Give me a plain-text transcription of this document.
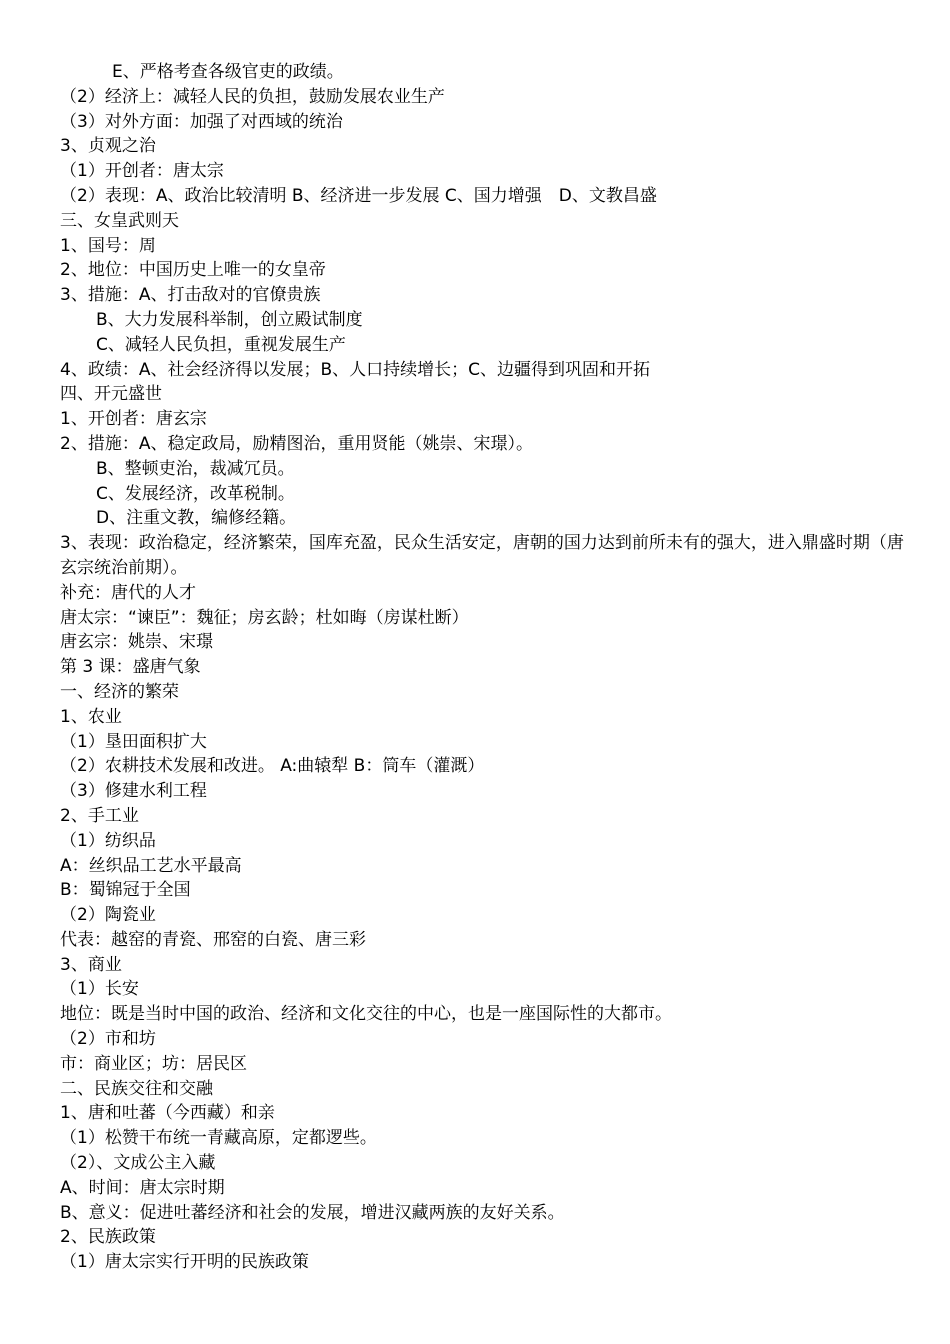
E、严格考查各级官吏的政绩。
（2）经济上：减轻人民的负担，鼓励发展农业生产
（3）对外方面：加强了对西域的统治
3、贞观之治
（1）开创者：唐太宗
（2）表现：A、政治比较清明 B、经济进一步发展 C、国力增强　D、文教昌盛
三、女皇武则天
1、国号：周
2、地位：中国历史上唯一的女皇帝
3、措施：A、打击敌对的官僚贵族
B、大力发展科举制，创立殿试制度
C、减轻人民负担，重视发展生产
4、政绩：A、社会经济得以发展；B、人口持续增长；C、边疆得到巩固和开拓
四、开元盛世
1、开创者：唐玄宗
2、措施：A、稳定政局，励精图治，重用贤能（姚崇、宋璟）。
B、整顿吏治，裁减冗员。
C、发展经济，改革税制。
D、注重文教，编修经籍。
3、表现：政治稳定，经济繁荣，国库充盈，民众生活安定，唐朝的国力达到前所未有的强大，进入鼎盛时期（唐玄宗统治前期）。
补充：唐代的人才
唐太宗：“谏臣”：魏征；房玄龄；杜如晦（房谋杜断）
唐玄宗：姚崇、宋璟
第 3 课：盛唐气象
一、经济的繁荣
1、农业
（1）垦田面积扩大
（2）农耕技术发展和改进。 A:曲辕犁 B：筒车（灌溉）
（3）修建水利工程
2、手工业
（1）纺织品
A：丝织品工艺水平最高
B：蜀锦冠于全国
（2）陶瓷业
代表：越窑的青瓷、邢窑的白瓷、唐三彩
3、商业
（1）长安
地位：既是当时中国的政治、经济和文化交往的中心，也是一座国际性的大都市。
（2）市和坊
市：商业区；坊：居民区
二、民族交往和交融
1、唐和吐蕃（今西藏）和亲
（1）松赞干布统一青藏高原，定都逻些。
（2）、文成公主入藏
A、时间：唐太宗时期
B、意义：促进吐蕃经济和社会的发展，增进汉藏两族的友好关系。
2、民族政策
（1）唐太宗实行开明的民族政策
